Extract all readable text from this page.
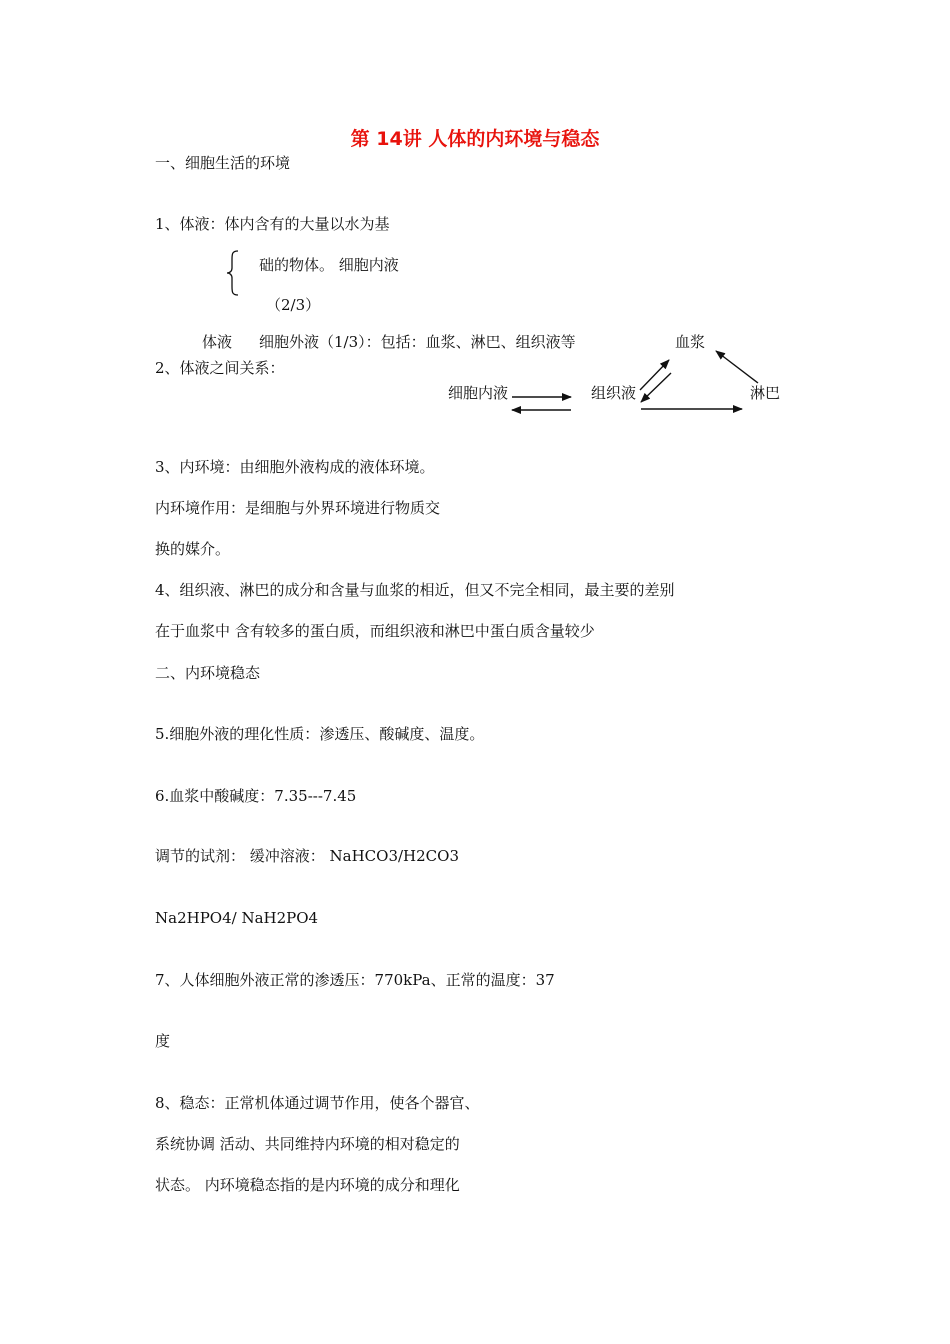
第 14讲 人体的内环境与稳态
一、细胞生活的环境
1、体液：体内含有的大量以水为基
础的物体。 细胞内液
（2/3）
体液 细胞外液（1/3）：包括：血浆、淋巴、组织液等
2、体液之间关系：
血浆
细胞内液	组织液	淋巴
3、内环境：由细胞外液构成的液体环境。
内环境作用：是细胞与外界环境进行物质交
换的媒介。
4、组织液、淋巴的成分和含量与血浆的相近，但又不完全相同，最主要的差别
在于血浆中 含有较多的蛋白质，而组织液和淋巴中蛋白质含量较少
二、内环境稳态
5.细胞外液的理化性质：渗透压、酸碱度、温度。
6.血浆中酸碱度：7.35---7.45
调节的试剂： 缓冲溶液： NaHCO3/H2CO3
Na2HPO4/ NaH2PO4
7、人体细胞外液正常的渗透压：770kPa、正常的温度：37
度
8、稳态：正常机体通过调节作用，使各个器官、
系统协调 活动、共同维持内环境的相对稳定的
状态。 内环境稳态指的是内环境的成分和理化
